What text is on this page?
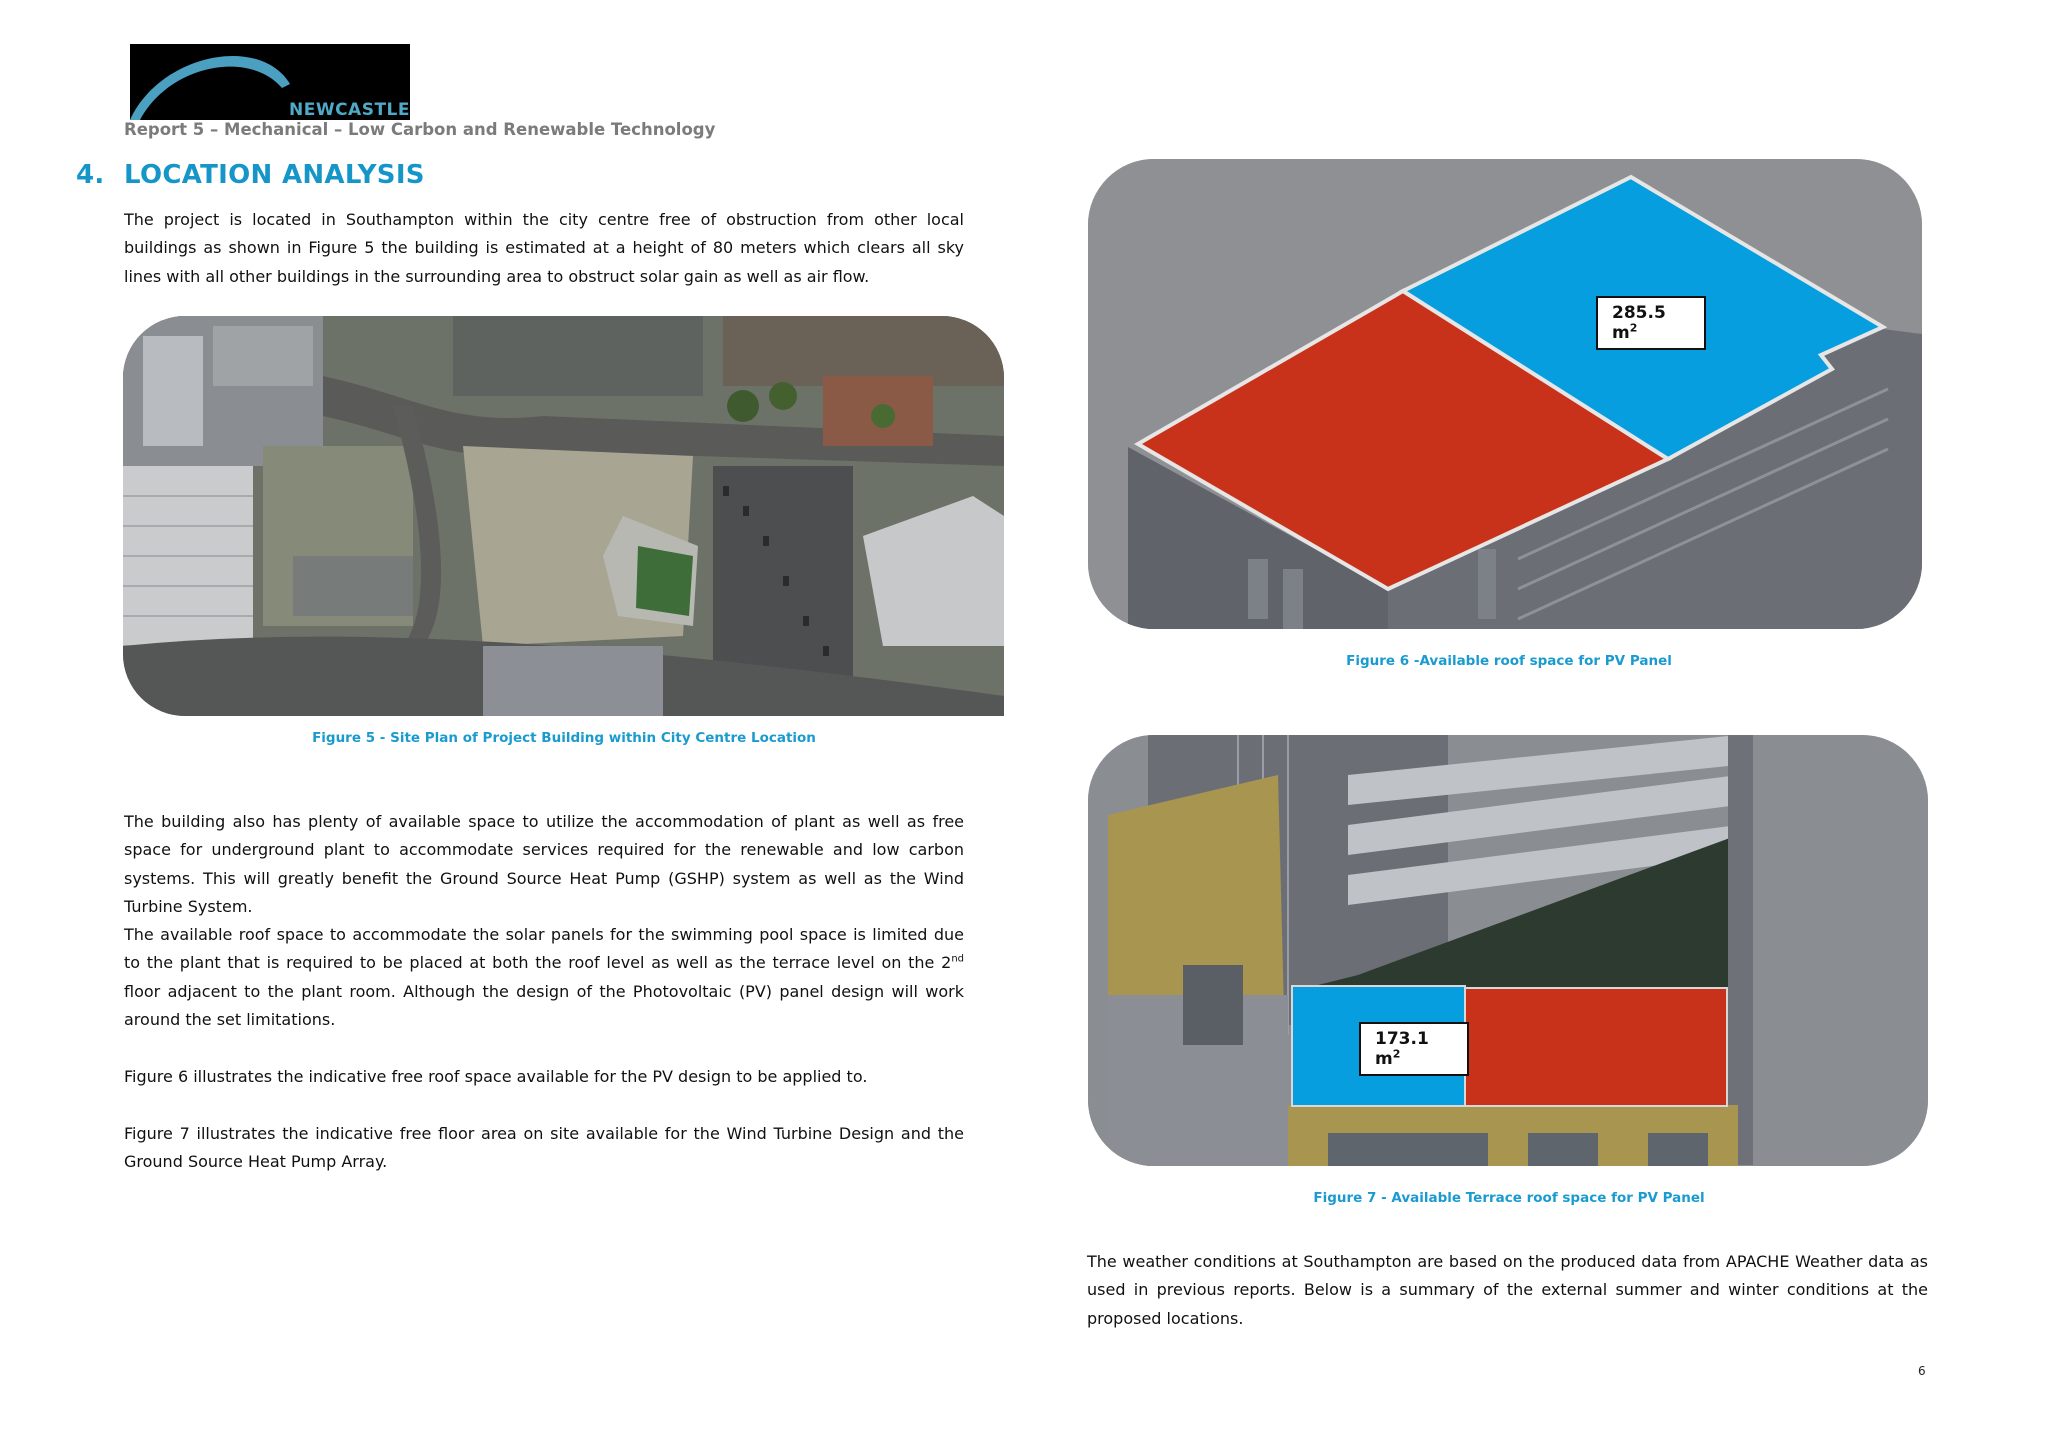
NEWCASTLE
Report 5 – Mechanical – Low Carbon and Renewable Technology
4. LOCATION ANALYSIS
The project is located in Southampton within the city centre free of obstruction from other local buildings as shown in Figure 5 the building is estimated at a height of 80 meters which clears all sky lines with all other buildings in the surrounding area to obstruct solar gain as well as air flow.
Figure 5 - Site Plan of Project Building within City Centre Location
The building also has plenty of available space to utilize the accommodation of plant as well as free space for underground plant to accommodate services required for the renewable and low carbon systems. This will greatly benefit the Ground Source Heat Pump (GSHP) system as well as the Wind Turbine System.
The available roof space to accommodate the solar panels for the swimming pool space is limited due to the plant that is required to be placed at both the roof level as well as the terrace level on the 2nd floor adjacent to the plant room. Although the design of the Photovoltaic (PV) panel design will work around the set limitations.
Figure 6 illustrates the indicative free roof space available for the PV design to be applied to.
Figure 7 illustrates the indicative free floor area on site available for the Wind Turbine Design and the Ground Source Heat Pump Array.
285.5 $m^2$
Figure 6 -Available roof space for PV Panel
173.1 $m^2$
Figure 7 - Available Terrace roof space for PV Panel
The weather conditions at Southampton are based on the produced data from APACHE Weather data as used in previous reports. Below is a summary of the external summer and winter conditions at the proposed locations.
6
